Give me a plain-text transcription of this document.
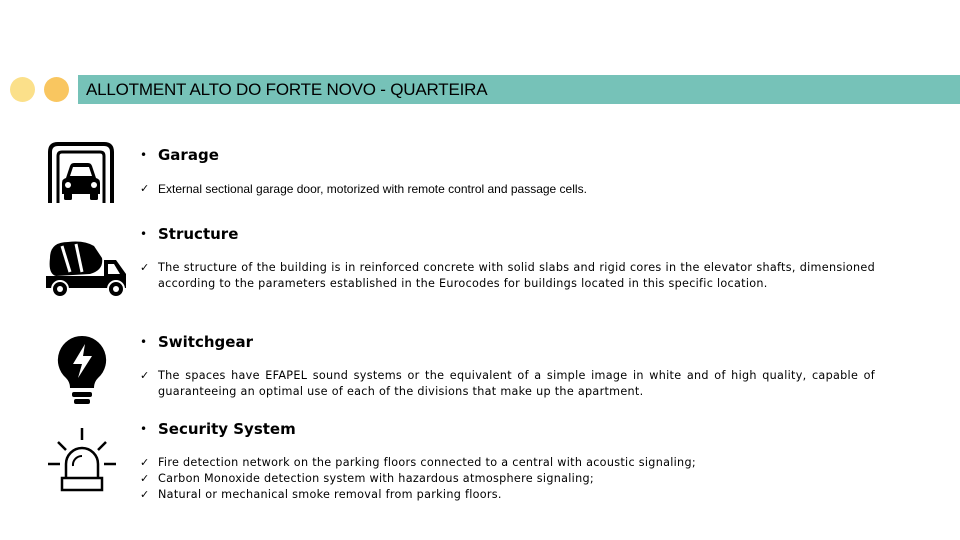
ALLOTMENT ALTO DO FORTE NOVO - QUARTEIRA
• Garage
✓ External sectional garage door, motorized with remote control and passage cells.
• Structure
✓ The structure of the building is in reinforced concrete with solid slabs and rigid cores in the elevator shafts, dimensioned according to the parameters established in the Eurocodes for buildings located in this specific location.
• Switchgear
✓ The spaces have EFAPEL sound systems or the equivalent of a simple image in white and of high quality, capable of guaranteeing an optimal use of each of the divisions that make up the apartment.
• Security System
✓ Fire detection network on the parking floors connected to a central with acoustic signaling;
✓ Carbon Monoxide detection system with hazardous atmosphere signaling;
✓ Natural or mechanical smoke removal from parking floors.
